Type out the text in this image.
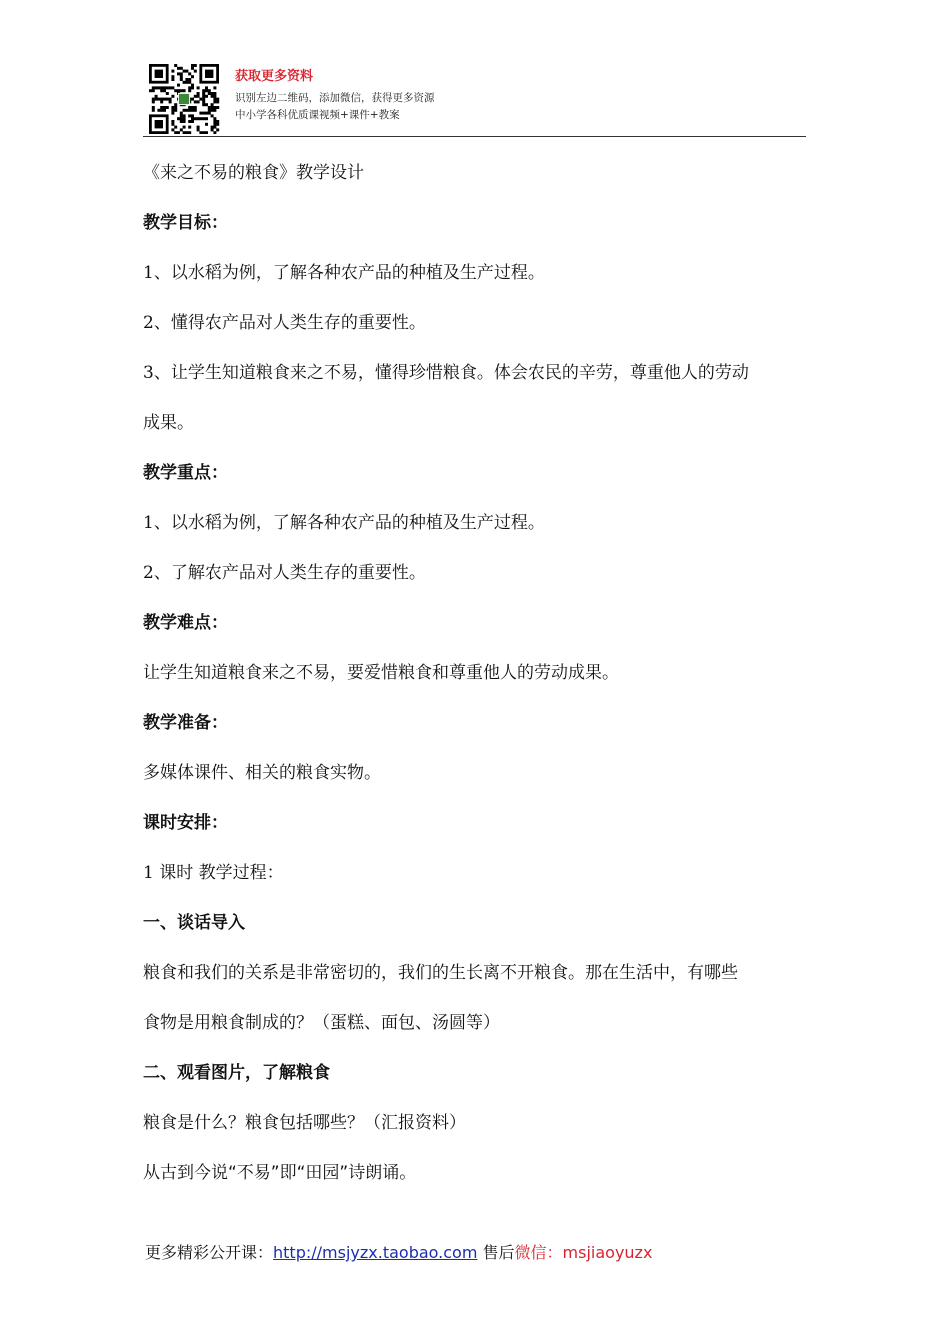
获取更多资料

识别左边二维码，添加微信，获得更多资源

中小学各科优质课视频+课件+教案

《来之不易的粮食》教学设计

教学目标：

1、以水稻为例，了解各种农产品的种植及生产过程。

2、懂得农产品对人类生存的重要性。

3、让学生知道粮食来之不易，懂得珍惜粮食。体会农民的辛劳，尊重他人的劳动

成果。

教学重点：

1、以水稻为例，了解各种农产品的种植及生产过程。

2、了解农产品对人类生存的重要性。

教学难点：

让学生知道粮食来之不易，要爱惜粮食和尊重他人的劳动成果。

教学准备：

多媒体课件、相关的粮食实物。

课时安排：

1 课时 教学过程：

一、谈话导入

粮食和我们的关系是非常密切的，我们的生长离不开粮食。那在生活中，有哪些

食物是用粮食制成的？（蛋糕、面包、汤圆等）

二、观看图片，了解粮食

粮食是什么？粮食包括哪些？（汇报资料）

从古到今说“不易”即“田园”诗朗诵。

更多精彩公开课：http://msjyzx.taobao.com 售后微信：msjiaoyuzx
